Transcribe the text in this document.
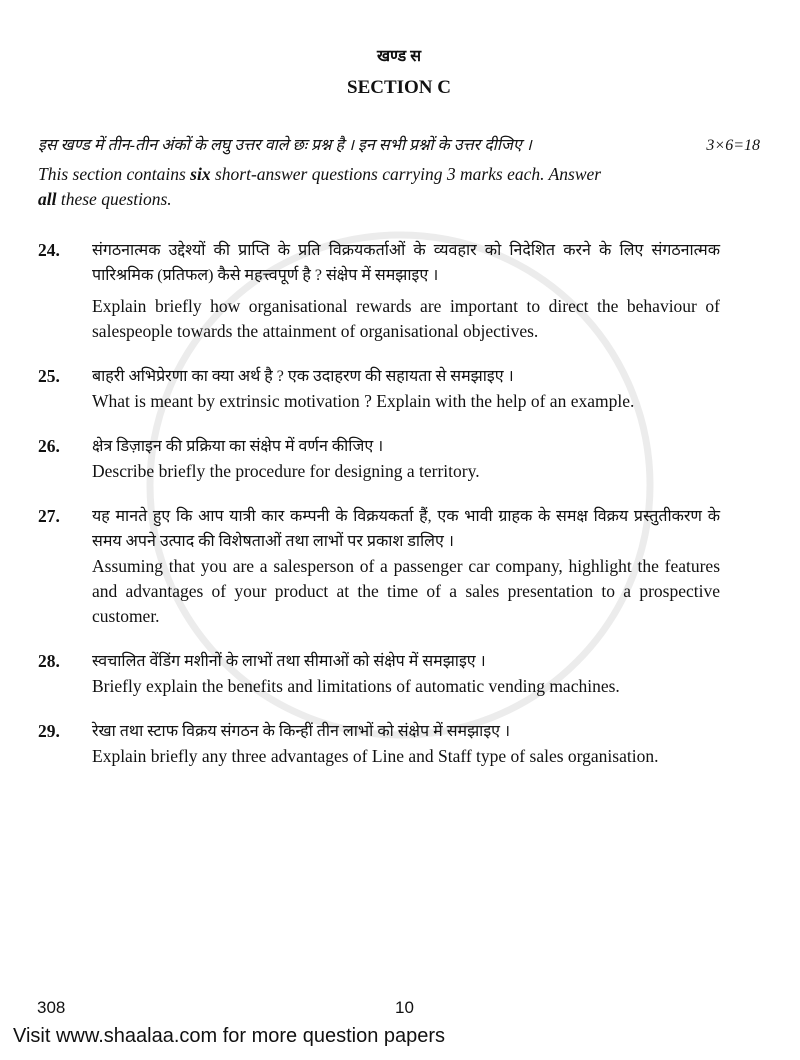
खण्ड स
SECTION C
इस खण्ड में तीन-तीन अंकों के लघु उत्तर वाले छः प्रश्न है । इन सभी प्रश्नों के उत्तर दीजिए ।	3×6=18
This section contains six short-answer questions carrying 3 marks each. Answer
all these questions.
24. संगठनात्मक उद्देश्यों की प्राप्ति के प्रति विक्रयकर्ताओं के व्यवहार को निदेशित करने के लिए संगठनात्मक पारिश्रमिक (प्रतिफल) कैसे महत्त्वपूर्ण है ? संक्षेप में समझाइए ।
Explain briefly how organisational rewards are important to direct the behaviour of salespeople towards the attainment of organisational objectives.
25. बाहरी अभिप्रेरणा का क्या अर्थ है ? एक उदाहरण की सहायता से समझाइए ।
What is meant by extrinsic motivation ? Explain with the help of an example.
26. क्षेत्र डिज़ाइन की प्रक्रिया का संक्षेप में वर्णन कीजिए ।
Describe briefly the procedure for designing a territory.
27. यह मानते हुए कि आप यात्री कार कम्पनी के विक्रयकर्ता हैं, एक भावी ग्राहक के समक्ष विक्रय प्रस्तुतीकरण के समय अपने उत्पाद की विशेषताओं तथा लाभों पर प्रकाश डालिए ।
Assuming that you are a salesperson of a passenger car company, highlight the features and advantages of your product at the time of a sales presentation to a prospective customer.
28. स्वचालित वेंडिंग मशीनों के लाभों तथा सीमाओं को संक्षेप में समझाइए ।
Briefly explain the benefits and limitations of automatic vending machines.
29. रेखा तथा स्टाफ विक्रय संगठन के किन्हीं तीन लाभों को संक्षेप में समझाइए ।
Explain briefly any three advantages of Line and Staff type of sales organisation.
308	10
Visit www.shaalaa.com for more question papers
